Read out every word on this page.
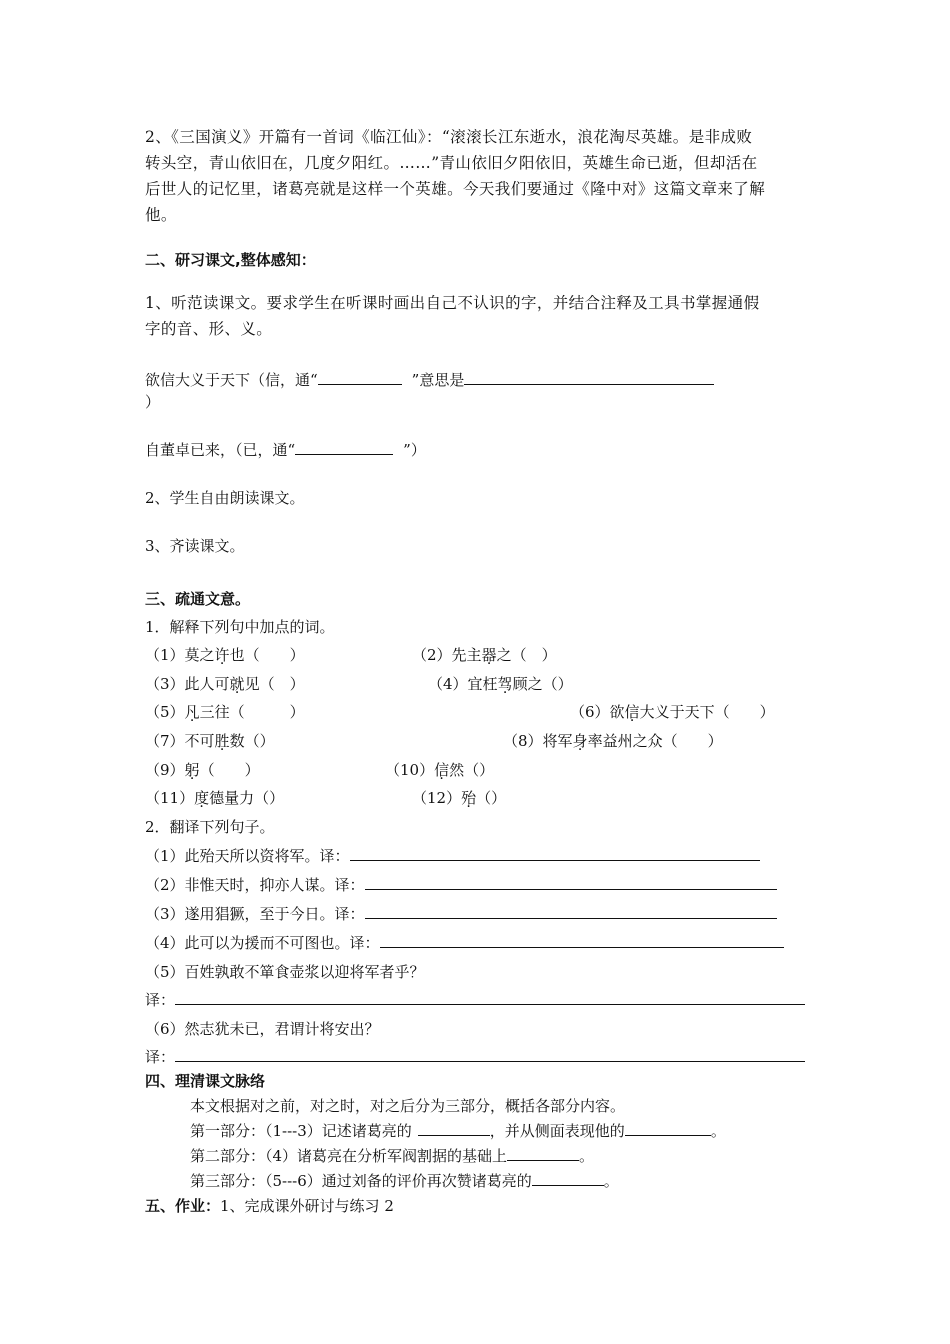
2、《三国演义》开篇有一首词《临江仙》：“滚滚长江东逝水，浪花淘尽英雄。是非成败
转头空，青山依旧在，几度夕阳红。……”青山依旧夕阳依旧，英雄生命已逝，但却活在
后世人的记忆里，诸葛亮就是这样一个英雄。今天我们要通过《隆中对》这篇文章来了解
他。
二、研习课文,整体感知：
1、听范读课文。要求学生在听课时画出自己不认识的字，并结合注释及工具书掌握通假
字的音、形、义。
欲信大义于天下（信，通“	”意思是
）
自董卓已来，（已，通“	”）
2、学生自由朗读课文。
3、齐读课文。
三、疏通文意。
1．解释下列句中加点的词。
（1）莫之许也（　　）	（2）先主器之（　）
（3）此人可就见（　）	（4）宜枉驾顾之（）
（5）凡三往（　　　）	（6）欲信大义于天下（　　）
（7）不可胜数（）	（8）将军身率益州之众（　　）
（9）躬（　　）	（10）信然（）
（11）度德量力（）	（12）殆（）
2．翻译下列句子。
（1）此殆天所以资将军。译：
（2）非惟天时，抑亦人谋。译：
（3）遂用猖獗，至于今日。译：
（4）此可以为援而不可图也。译：
（5）百姓孰敢不箪食壶浆以迎将军者乎？
译：
（6）然志犹未已，君谓计将安出？
译：
四、理清课文脉络
本文根据对之前，对之时，对之后分为三部分，概括各部分内容。
第一部分：（1---3）记述诸葛亮的	，并从侧面表现他的	。
第二部分：（4）诸葛亮在分析军阀割据的基础上	。
第三部分：（5---6）通过刘备的评价再次赞诸葛亮的	。
五、作业：1、完成课外研讨与练习 2
